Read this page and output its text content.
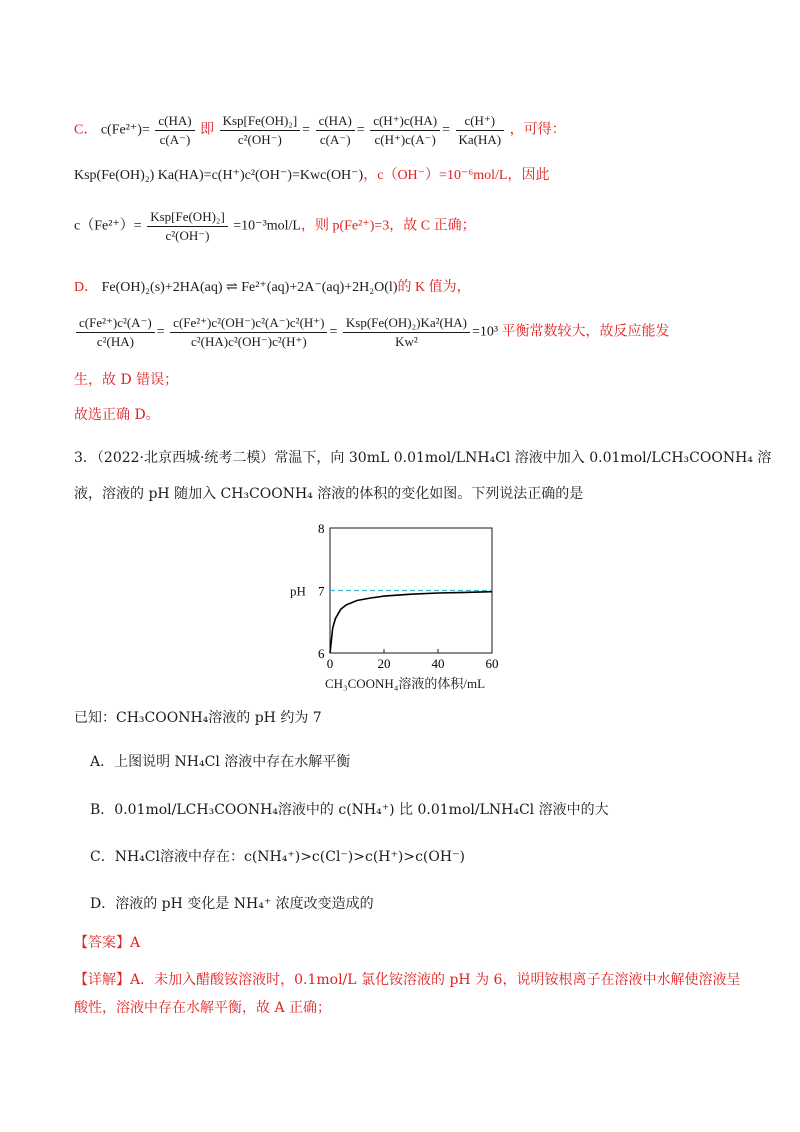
C． $c(Fe^{2+})= \frac{c(HA)}{c(A^-)}$ 即 $\frac{\text{Ksp[Fe(OH)₂]}}{\text{c²(OH⁻)}} = \frac{c(HA)}{c(A^-)} = \frac{c(H^+)c(HA)}{c(H^+)c(A^-)} = \frac{c(H^+)}{Ka(HA)}$ ，可得：
Ksp(Fe(OH)₂) Ka(HA)=c(H⁺)c²(OH⁻)=Kwc(OH⁻)，c（OH⁻）=10⁻⁶mol/L，因此
$c(Fe^{2+})= \frac{\text{Ksp[Fe(OH)₂]}}{\text{c²(OH⁻)}} =10^{-3}mol/L$，则 p(Fe²⁺)=3，故 C 正确；
D． Fe(OH)₂(s)+2HA(aq) ⇌ Fe²⁺(aq)+2A⁻(aq)+2H₂O(l)的 K 值为，
$\frac{\text{c(Fe²⁺)c²(A⁻)}}{\text{c²(HA)}} = \frac{\text{c(Fe²⁺)c²(OH⁻)c²(A⁻)c²(H⁺)}}{\text{c²(HA)c²(OH⁻)c²(H⁺)}} = \frac{\text{Ksp(Fe(OH)₂)Ka²(HA)}}{\text{Kw²}} =10^3$ 平衡常数较大，故反应能发
生，故 D 错误；
故选正确 D。
3．（2022·北京西城·统考二模）常温下，向 30mL 0.01mol/LNH₄Cl 溶液中加入 0.01mol/LCH₃COONH₄ 溶
液，溶液的 pH 随加入 CH₃COONH₄ 溶液的体积的变化如图。下列说法正确的是
6
7
8
0	20	40	60
pH
CH₃COONH₄溶液的体积/mL
已知：CH₃COONH₄溶液的 pH 约为 7
A．上图说明 NH₄Cl 溶液中存在水解平衡
B．0.01mol/LCH₃COONH₄溶液中的 c(NH₄⁺) 比 0.01mol/LNH₄Cl 溶液中的大
C．NH₄Cl溶液中存在：c(NH₄⁺)>c(Cl⁻)>c(H⁺)>c(OH⁻)
D．溶液的 pH 变化是 NH₄⁺ 浓度改变造成的
【答案】A
【详解】A．未加入醋酸铵溶液时，0.1mol/L 氯化铵溶液的 pH 为 6，说明铵根离子在溶液中水解使溶液呈
酸性，溶液中存在水解平衡，故 A 正确；
